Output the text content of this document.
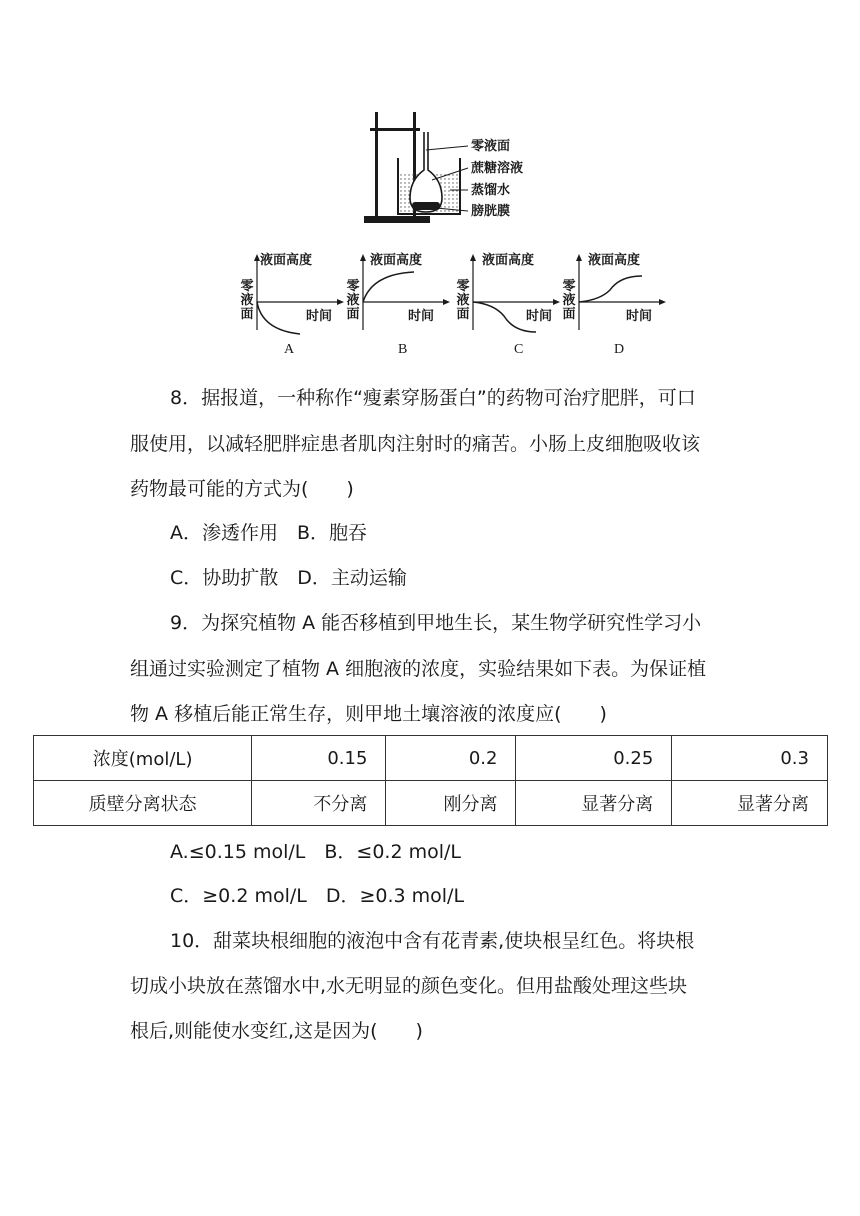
零液面
蔗糖溶液
蒸馏水
膀胱膜
液面高度
零液面	时间
A
液面高度
零液面	时间
B
液面高度
零液面	时间
C
液面高度
零液面	时间
D
8．据报道，一种称作“瘦素穿肠蛋白”的药物可治疗肥胖，可口
服使用，以减轻肥胖症患者肌肉注射时的痛苦。小肠上皮细胞吸收该
药物最可能的方式为(　　)
A．渗透作用　B．胞吞
C．协助扩散　D．主动运输
9．为探究植物 A 能否移植到甲地生长，某生物学研究性学习小
组通过实验测定了植物 A 细胞液的浓度，实验结果如下表。为保证植
物 A 移植后能正常生存，则甲地土壤溶液的浓度应(　　)
浓度(mol/L)	0.15	0.2	0.25	0.3
质壁分离状态	不分离	刚分离	显著分离	显著分离
A.≤0.15 mol/L　B．≤0.2 mol/L
C．≥0.2 mol/L　D．≥0.3 mol/L
10．甜菜块根细胞的液泡中含有花青素,使块根呈红色。将块根
切成小块放在蒸馏水中,水无明显的颜色变化。但用盐酸处理这些块
根后,则能使水变红,这是因为(　　)
